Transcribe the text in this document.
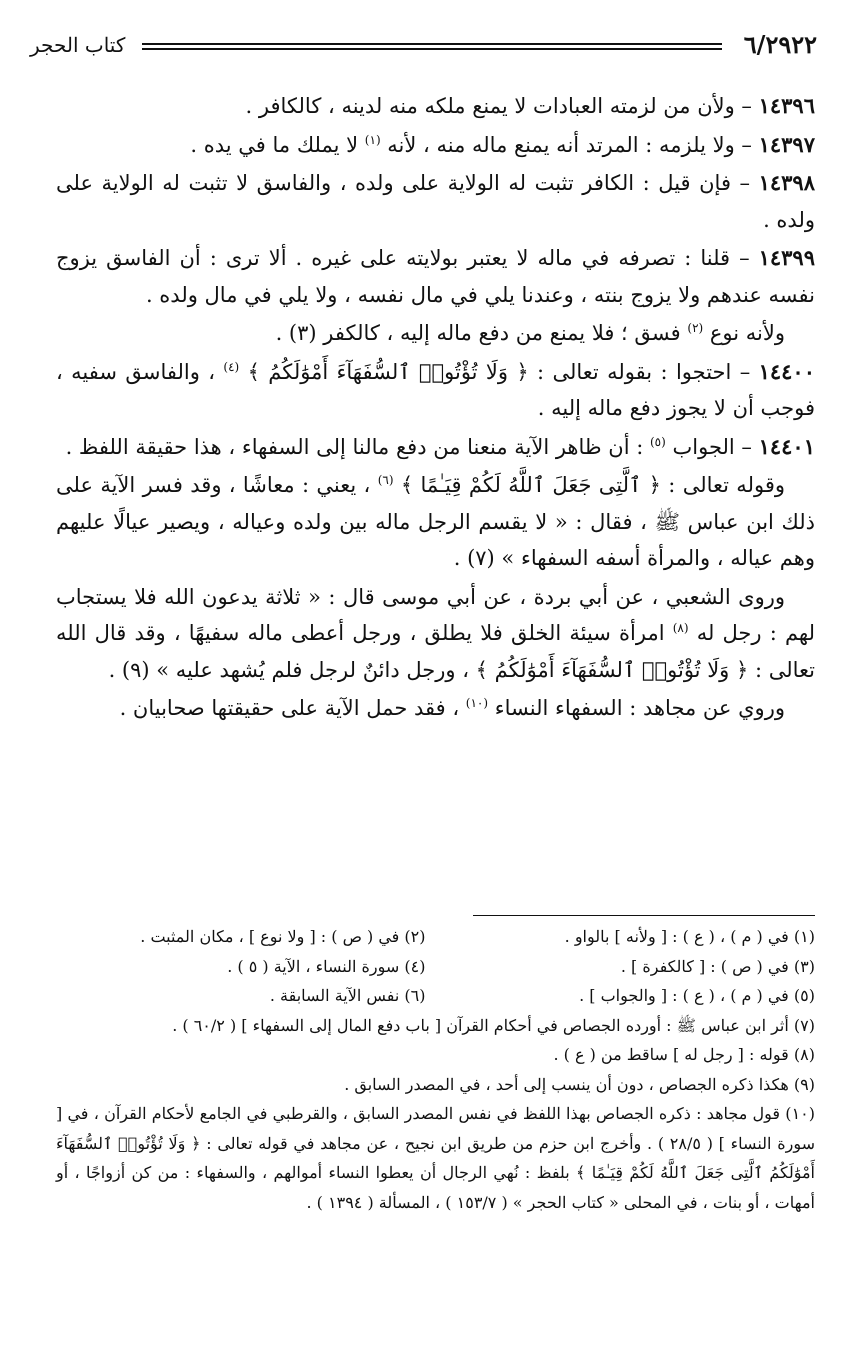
٦/٢٩٢٢
كتاب الحجر

١٤٣٩٦ – ولأن من لزمته العبادات لا يمنع ملكه منه لدينه ، كالكافر .

١٤٣٩٧ – ولا يلزمه : المرتد أنه يمنع ماله منه ، لأنه $^{(١)}$ لا يملك ما في يده .

١٤٣٩٨ – فإن قيل : الكافر تثبت له الولاية على ولده ، والفاسق لا تثبت له الولاية على ولده .

١٤٣٩٩ – قلنا : تصرفه في ماله لا يعتبر بولايته على غيره . ألا ترى : أن الفاسق يزوج نفسه عندهم ولا يزوج بنته ، وعندنا يلي في مال نفسه ، ولا يلي في مال ولده .

ولأنه نوع $^{(٢)}$ فسق ؛ فلا يمنع من دفع ماله إليه ، كالكفر (٣) .

١٤٤٠٠ – احتجوا : بقوله تعالى : ﴿ وَلَا تُؤْتُوا۟ ٱلسُّفَهَآءَ أَمْوَٰلَكُمُ ﴾ $^{(٤)}$ ، والفاسق سفيه ، فوجب أن لا يجوز دفع ماله إليه .

١٤٤٠١ – الجواب $^{(٥)}$ : أن ظاهر الآية منعنا من دفع مالنا إلى السفهاء ، هذا حقيقة اللفظ .

وقوله تعالى : ﴿ ٱلَّتِى جَعَلَ ٱللَّهُ لَكُمْ قِيَـٰمًا ﴾ $^{(٦)}$ ، يعني : معاشًا ، وقد فسر الآية على ذلك ابن عباس ﷺ ، فقال : « لا يقسم الرجل ماله بين ولده وعياله ، ويصير عيالًا عليهم وهم عياله ، والمرأة أسفه السفهاء » (٧) .

وروى الشعبي ، عن أبي بردة ، عن أبي موسى قال : « ثلاثة يدعون الله فلا يستجاب لهم : رجل له $^{(٨)}$ امرأة سيئة الخلق فلا يطلق ، ورجل أعطى ماله سفيهًا ، وقد قال الله تعالى : ﴿ وَلَا تُؤْتُوا۟ ٱلسُّفَهَآءَ أَمْوَٰلَكُمُ ﴾ ، ورجل دائنٌ لرجل فلم يُشهد عليه » (٩) .

وروي عن مجاهد : السفهاء النساء $^{(١٠)}$ ، فقد حمل الآية على حقيقتها صحابيان .

(١) في ( م ) ، ( ع ) : [ ولأنه ] بالواو .
(٢) في ( ص ) : [ ولا نوع ] ، مكان المثبت .
(٣) في ( ص ) : [ كالكفرة ] .
(٤) سورة النساء ، الآية ( ٥ ) .
(٥) في ( م ) ، ( ع ) : [ والجواب ] .
(٦) نفس الآية السابقة .
(٧) أثر ابن عباس ﷺ : أورده الجصاص في أحكام القرآن [ باب دفع المال إلى السفهاء ] ( ٦٠/٢ ) .
(٨) قوله : [ رجل له ] ساقط من ( ع ) .
(٩) هكذا ذكره الجصاص ، دون أن ينسب إلى أحد ، في المصدر السابق .
(١٠) قول مجاهد : ذكره الجصاص بهذا اللفظ في نفس المصدر السابق ، والقرطبي في الجامع لأحكام القرآن ، في [ سورة النساء ] ( ٢٨/٥ ) . وأخرج ابن حزم من طريق ابن نجيح ، عن مجاهد في قوله تعالى : ﴿ وَلَا تُؤْتُوا۟ ٱلسُّفَهَآءَ أَمْوَٰلَكُمُ ٱلَّتِى جَعَلَ ٱللَّهُ لَكُمْ قِيَـٰمًا ﴾ بلفظ : نُهي الرجال أن يعطوا النساء أموالهم ، والسفهاء : من كن أزواجًا ، أو أمهات ، أو بنات ، في المحلى « كتاب الحجر » ( ١٥٣/٧ ) ، المسألة ( ١٣٩٤ ) .
